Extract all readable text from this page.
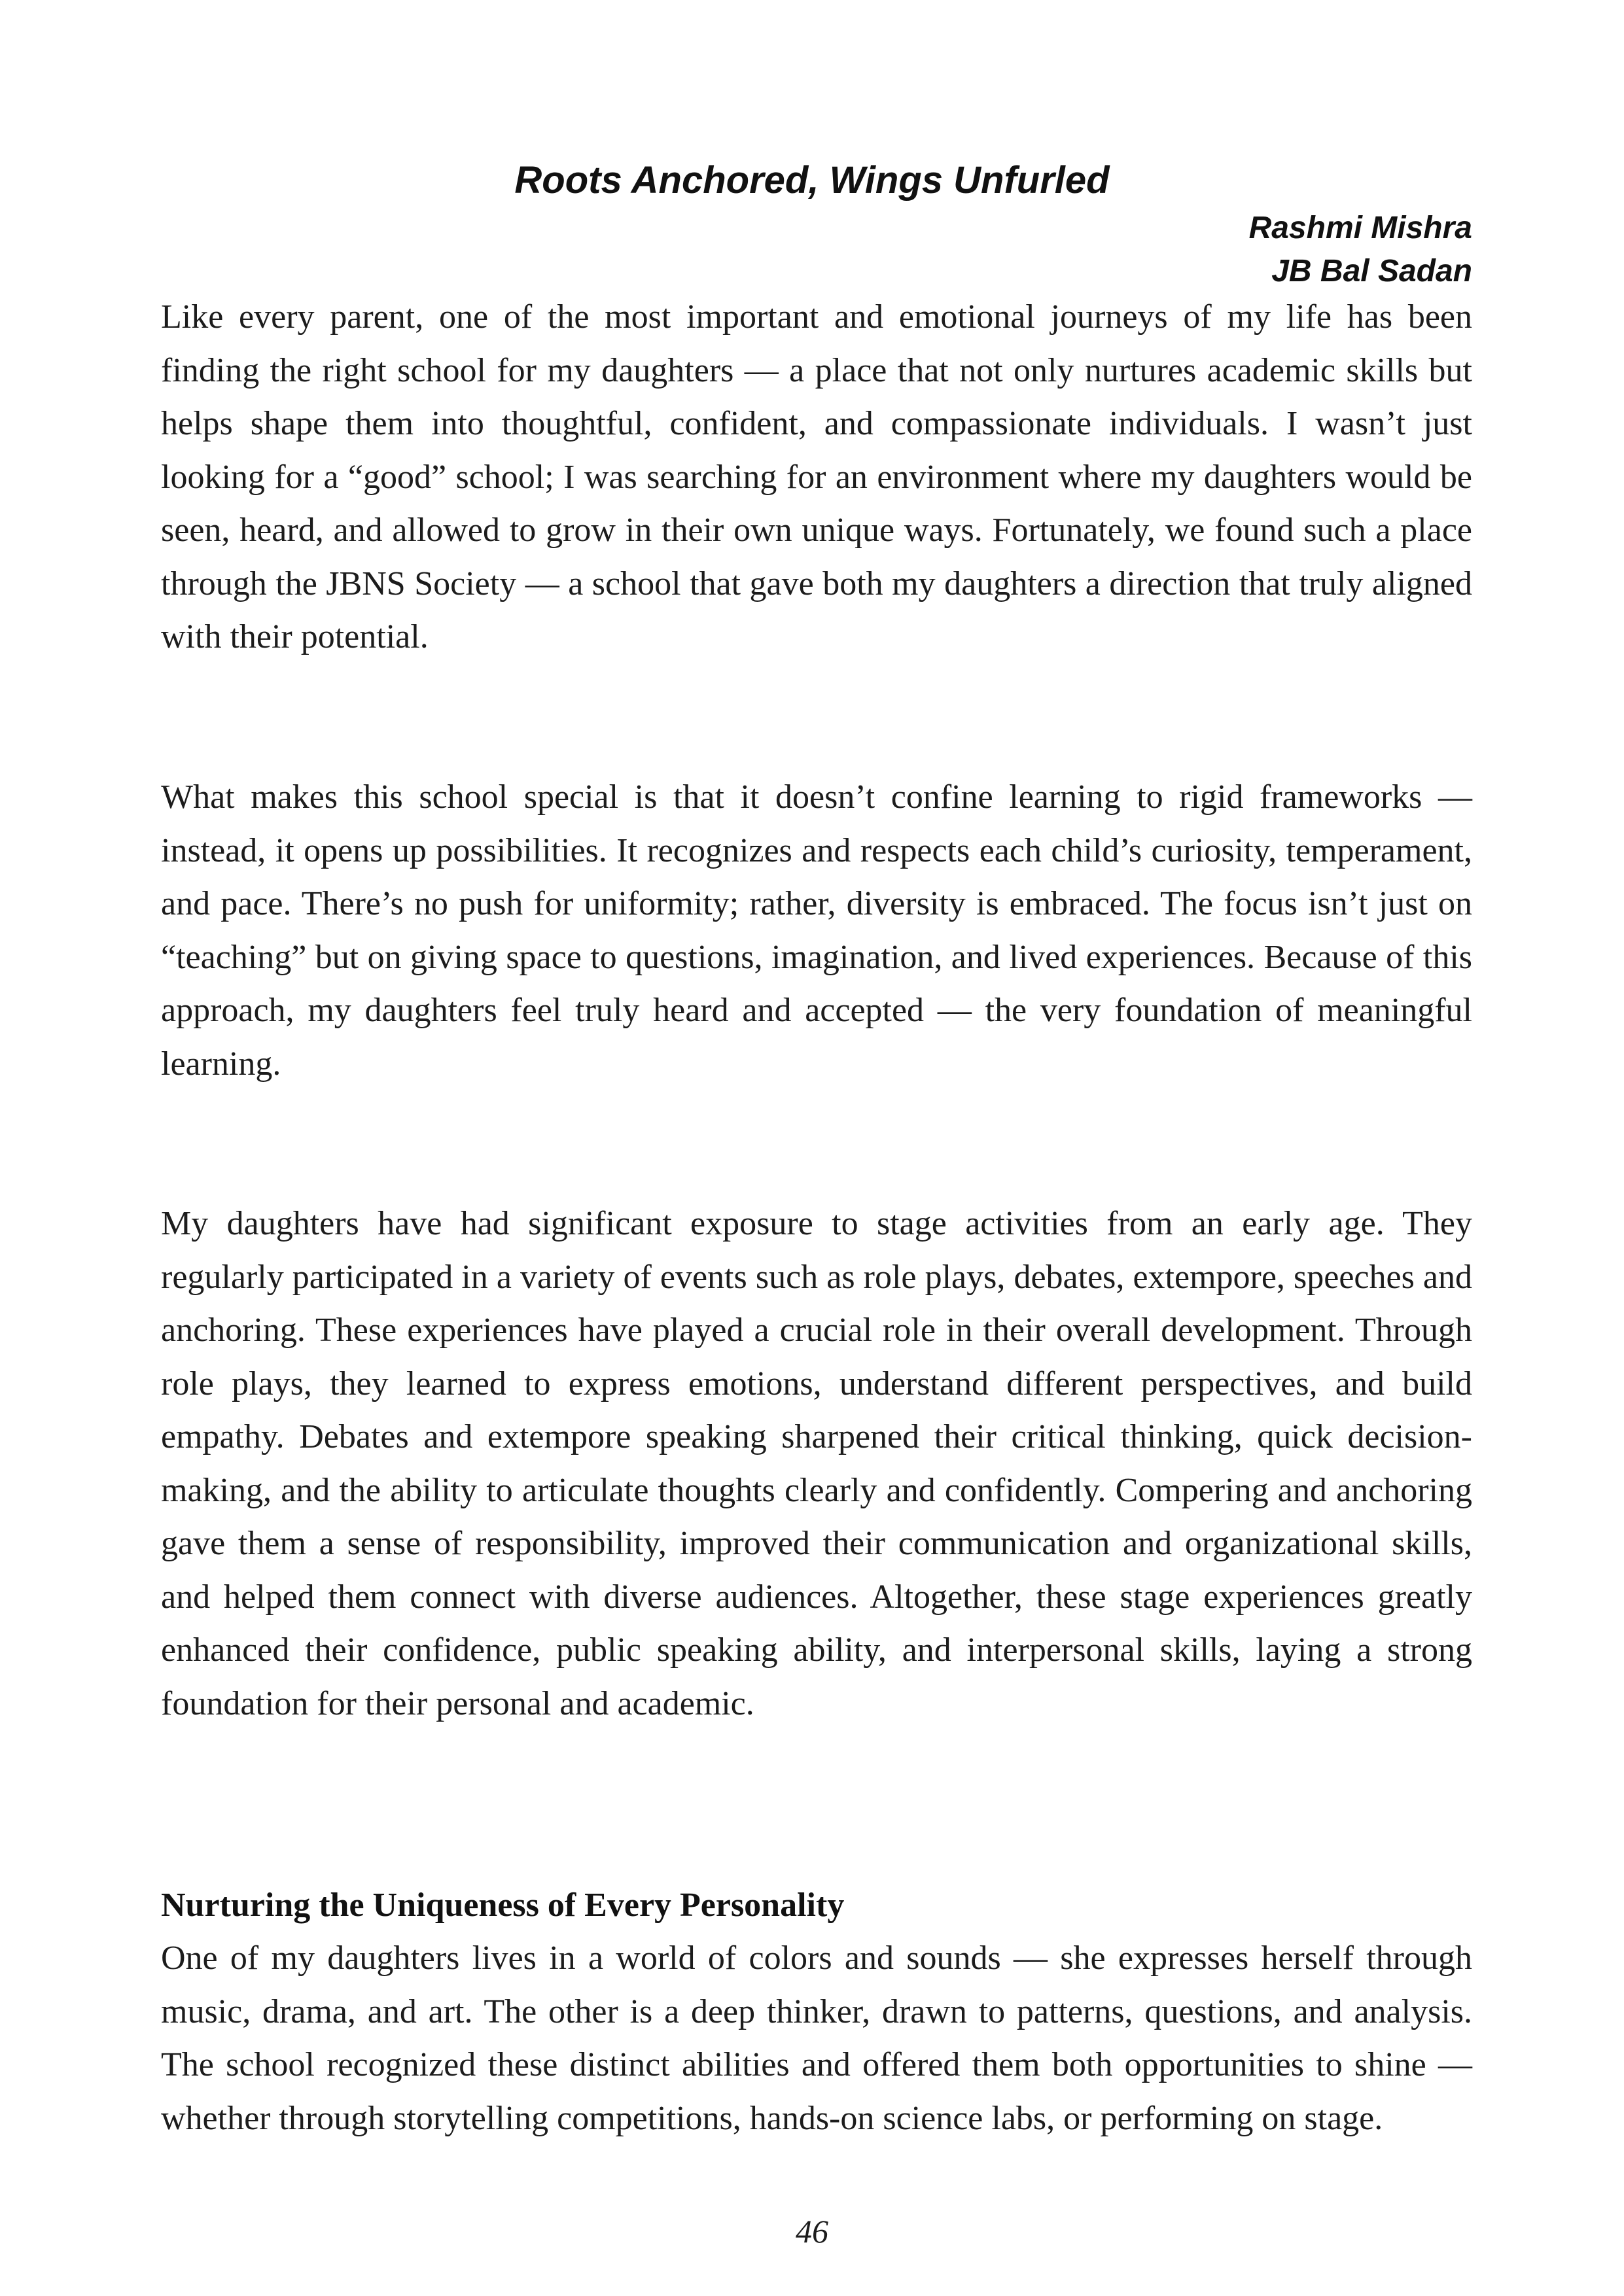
Roots Anchored, Wings Unfurled
Rashmi Mishra
JB Bal Sadan

Like every parent, one of the most important and emotional journeys of my life has been finding the right school for my daughters — a place that not only nurtures academic skills but helps shape them into thoughtful, confident, and compassionate individuals. I wasn’t just looking for a “good” school; I was searching for an environment where my daughters would be seen, heard, and allowed to grow in their own unique ways. Fortunately, we found such a place through the JBNS Society — a school that gave both my daughters a direction that truly aligned with their potential.

What makes this school special is that it doesn’t confine learning to rigid frameworks — instead, it opens up possibilities. It recognizes and respects each child’s curiosity, temperament, and pace. There’s no push for uniformity; rather, diversity is embraced. The focus isn’t just on “teaching” but on giving space to questions, imagination, and lived experiences. Because of this approach, my daughters feel truly heard and accepted — the very foundation of meaningful learning.

My daughters have had significant exposure to stage activities from an early age. They regularly participated in a variety of events such as role plays, debates, extempore, speeches and anchoring. These experiences have played a crucial role in their overall development. Through role plays, they learned to express emotions, understand different perspectives, and build empathy. Debates and extempore speaking sharpened their critical thinking, quick decision-making, and the ability to articulate thoughts clearly and confidently. Compering and anchoring gave them a sense of responsibility, improved their communication and organizational skills, and helped them connect with diverse audiences. Altogether, these stage experiences greatly enhanced their confidence, public speaking ability, and interpersonal skills, laying a strong foundation for their personal and academic.

Nurturing the Uniqueness of Every Personality

One of my daughters lives in a world of colors and sounds — she expresses herself through music, drama, and art. The other is a deep thinker, drawn to patterns, questions, and analysis. The school recognized these distinct abilities and offered them both opportunities to shine — whether through storytelling competitions, hands-on science labs, or performing on stage.

46
